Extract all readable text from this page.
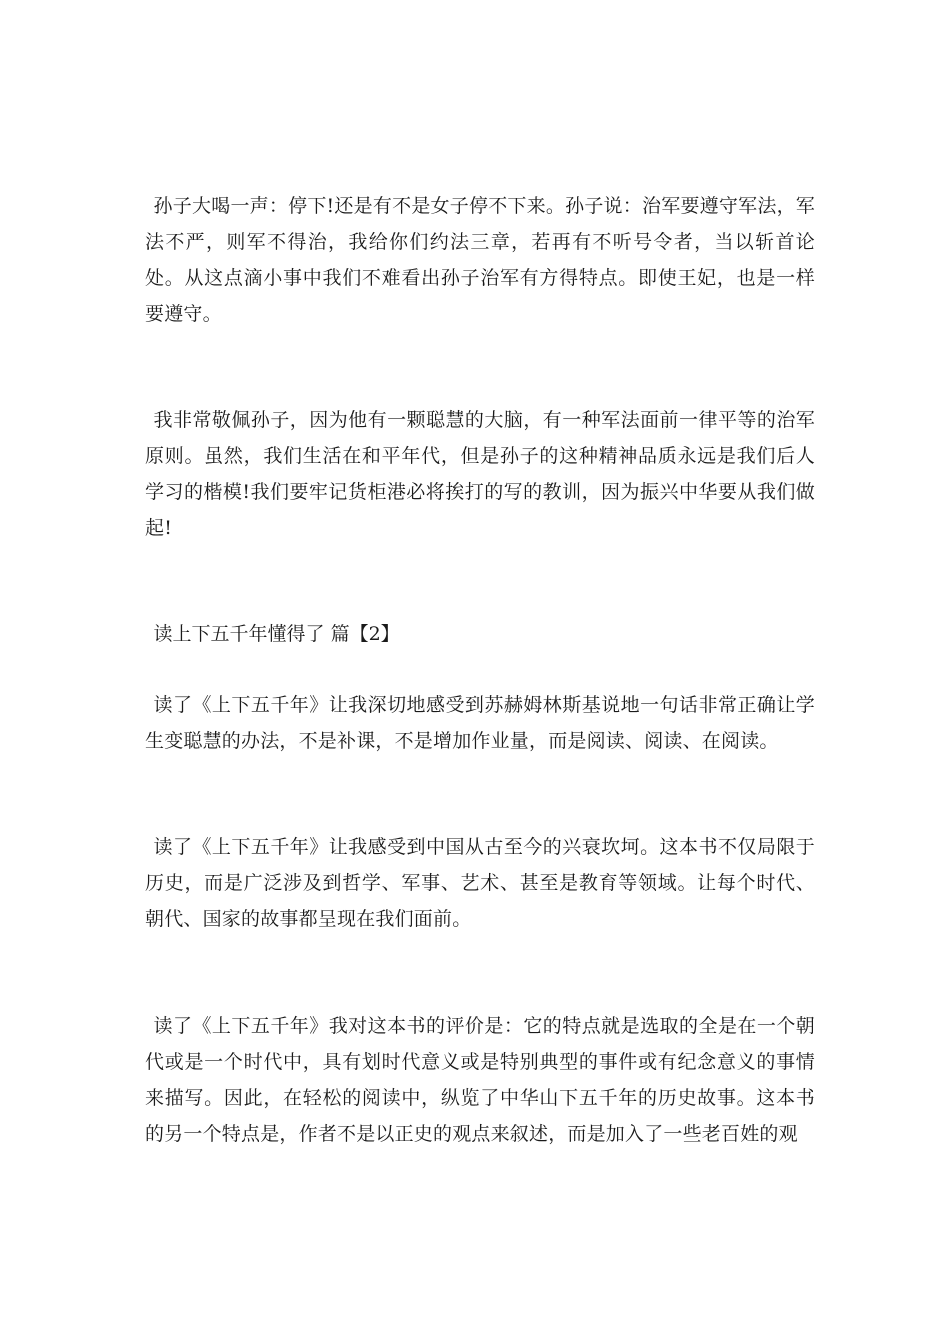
孙子大喝一声：停下!还是有不是女子停不下来。孙子说：治军要遵守军法，军法不严，则军不得治，我给你们约法三章，若再有不听号令者，当以斩首论处。从这点滴小事中我们不难看出孙子治军有方得特点。即使王妃，也是一样要遵守。

我非常敬佩孙子，因为他有一颗聪慧的大脑，有一种军法面前一律平等的治军原则。虽然，我们生活在和平年代，但是孙子的这种精神品质永远是我们后人学习的楷模!我们要牢记货柜港必将挨打的写的教训，因为振兴中华要从我们做起!

读上下五千年懂得了 篇【2】

读了《上下五千年》让我深切地感受到苏赫姆林斯基说地一句话非常正确让学生变聪慧的办法，不是补课，不是增加作业量，而是阅读、阅读、在阅读。

读了《上下五千年》让我感受到中国从古至今的兴衰坎坷。这本书不仅局限于历史，而是广泛涉及到哲学、军事、艺术、甚至是教育等领域。让每个时代、朝代、国家的故事都呈现在我们面前。

读了《上下五千年》我对这本书的评价是：它的特点就是选取的全是在一个朝代或是一个时代中，具有划时代意义或是特别典型的事件或有纪念意义的事情来描写。因此，在轻松的阅读中，纵览了中华山下五千年的历史故事。这本书的另一个特点是，作者不是以正史的观点来叙述，而是加入了一些老百姓的观
